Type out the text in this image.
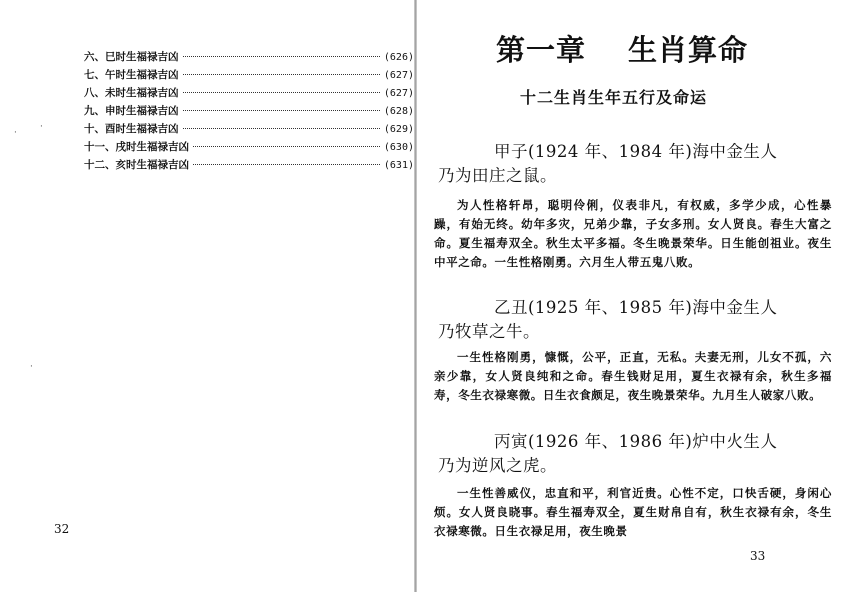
六、巳时生福禄吉凶	(626)
七、午时生福禄吉凶	(627)
八、未时生福禄吉凶	(627)
九、申时生福禄吉凶	(628)
十、酉时生福禄吉凶	(629)
十一、戌时生福禄吉凶	(630)
十二、亥时生福禄吉凶	(631)
·
·
·
32
第一章 生肖算命
十二生肖生年五行及命运
甲子(1924 年、1984 年)海中金生人
乃为田庄之鼠。

为人性格轩昂，聪明伶俐，仪表非凡，有权威，多学少成，心性暴躁，有始无终。幼年多灾，兄弟少靠，子女多刑。女人贤良。春生大富之命。夏生福寿双全。秋生太平多福。冬生晚景荣华。日生能创祖业。夜生中平之命。一生性格刚勇。六月生人带五鬼八败。

乙丑(1925 年、1985 年)海中金生人
乃牧草之牛。

一生性格刚勇，慷慨，公平，正直，无私。夫妻无刑，儿女不孤，六亲少靠，女人贤良纯和之命。春生钱财足用，夏生衣禄有余，秋生多福寿，冬生衣禄寒微。日生衣食颇足，夜生晚景荣华。九月生人破家八败。

丙寅(1926 年、1986 年)炉中火生人
乃为逆风之虎。

一生性善威仪，忠直和平，利官近贵。心性不定，口快舌硬，身闲心烦。女人贤良晓事。春生福寿双全，夏生财帛自有，秋生衣禄有余，冬生衣禄寒微。日生衣禄足用，夜生晚景

33
